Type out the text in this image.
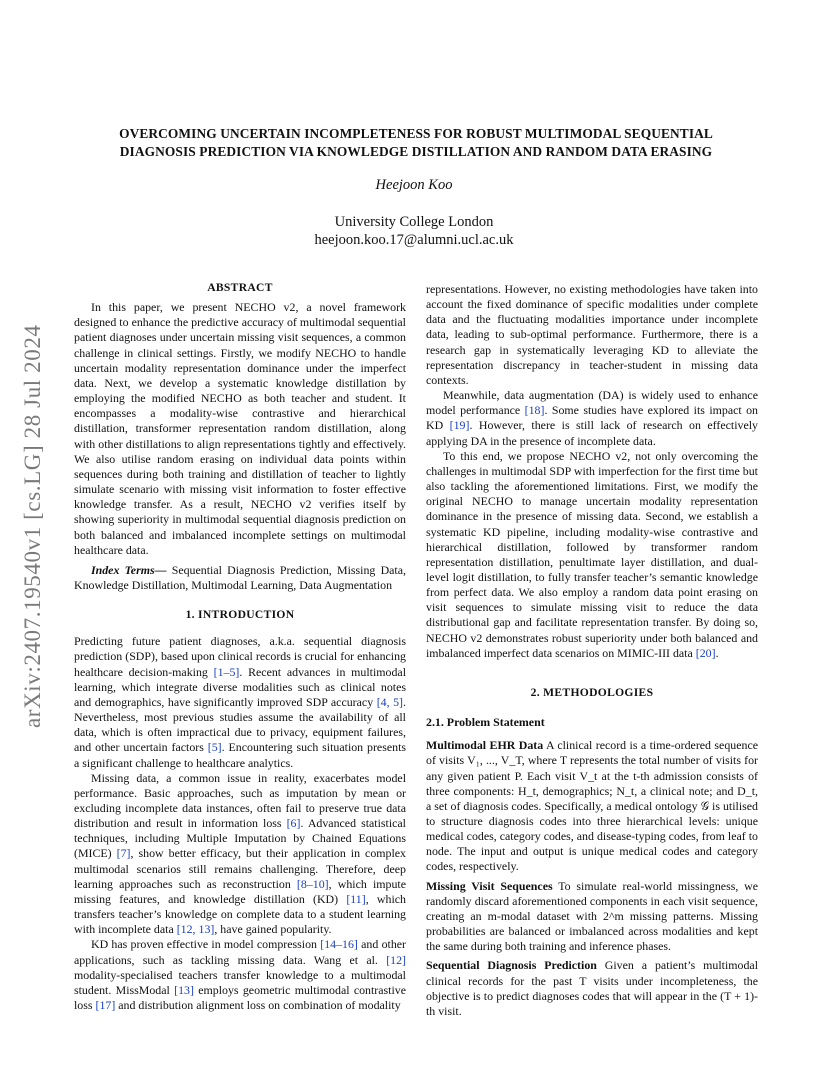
arXiv:2407.19540v1 [cs.LG] 28 Jul 2024
OVERCOMING UNCERTAIN INCOMPLETENESS FOR ROBUST MULTIMODAL SEQUENTIAL
DIAGNOSIS PREDICTION VIA KNOWLEDGE DISTILLATION AND RANDOM DATA ERASING
Heejoon Koo
University College London
heejoon.koo.17@alumni.ucl.ac.uk

ABSTRACT

In this paper, we present NECHO v2, a novel framework designed to enhance the predictive accuracy of multimodal sequential patient diagnoses under uncertain missing visit sequences, a common challenge in clinical settings. Firstly, we modify NECHO to handle uncertain modality representation dominance under the imperfect data. Next, we develop a systematic knowledge distillation by employing the modified NECHO as both teacher and student. It encompasses a modality-wise contrastive and hierarchical distillation, transformer representation random distillation, along with other distillations to align representations tightly and effectively. We also utilise random erasing on individual data points within sequences during both training and distillation of teacher to lightly simulate scenario with missing visit information to foster effective knowledge transfer. As a result, NECHO v2 verifies itself by showing superiority in multimodal sequential diagnosis prediction on both balanced and imbalanced incomplete settings on multimodal healthcare data.

Index Terms— Sequential Diagnosis Prediction, Missing Data, Knowledge Distillation, Multimodal Learning, Data Augmentation

1. INTRODUCTION

Predicting future patient diagnoses, a.k.a. sequential diagnosis prediction (SDP), based upon clinical records is crucial for enhancing healthcare decision-making [1–5]. Recent advances in multimodal learning, which integrate diverse modalities such as clinical notes and demographics, have significantly improved SDP accuracy [4, 5]. Nevertheless, most previous studies assume the availability of all data, which is often impractical due to privacy, equipment failures, and other uncertain factors [5]. Encountering such situation presents a significant challenge to healthcare analytics.

Missing data, a common issue in reality, exacerbates model performance. Basic approaches, such as imputation by mean or excluding incomplete data instances, often fail to preserve true data distribution and result in information loss [6]. Advanced statistical techniques, including Multiple Imputation by Chained Equations (MICE) [7], show better efficacy, but their application in complex multimodal scenarios still remains challenging. Therefore, deep learning approaches such as reconstruction [8–10], which impute missing features, and knowledge distillation (KD) [11], which transfers teacher’s knowledge on complete data to a student learning with incomplete data [12, 13], have gained popularity.

KD has proven effective in model compression [14–16] and other applications, such as tackling missing data. Wang et al. [12] modality-specialised teachers transfer knowledge to a multimodal student. MissModal [13] employs geometric multimodal contrastive loss [17] and distribution alignment loss on combination of modality

representations. However, no existing methodologies have taken into account the fixed dominance of specific modalities under complete data and the fluctuating modalities importance under incomplete data, leading to sub-optimal performance. Furthermore, there is a research gap in systematically leveraging KD to alleviate the representation discrepancy in teacher-student in missing data contexts.

Meanwhile, data augmentation (DA) is widely used to enhance model performance [18]. Some studies have explored its impact on KD [19]. However, there is still lack of research on effectively applying DA in the presence of incomplete data.

To this end, we propose NECHO v2, not only overcoming the challenges in multimodal SDP with imperfection for the first time but also tackling the aforementioned limitations. First, we modify the original NECHO to manage uncertain modality representation dominance in the presence of missing data. Second, we establish a systematic KD pipeline, including modality-wise contrastive and hierarchical distillation, followed by transformer random representation distillation, penultimate layer distillation, and dual-level logit distillation, to fully transfer teacher’s semantic knowledge from perfect data. We also employ a random data point erasing on visit sequences to simulate missing visit to reduce the data distributional gap and facilitate representation transfer. By doing so, NECHO v2 demonstrates robust superiority under both balanced and imbalanced imperfect data scenarios on MIMIC-III data [20].

2. METHODOLOGIES

2.1. Problem Statement

Multimodal EHR Data A clinical record is a time-ordered sequence of visits V₁, ..., V_T, where T represents the total number of visits for any given patient P. Each visit V_t at the t-th admission consists of three components: H_t, demographics; N_t, a clinical note; and D_t, a set of diagnosis codes. Specifically, a medical ontology 𝒢 is utilised to structure diagnosis codes into three hierarchical levels: unique medical codes, category codes, and disease-typing codes, from leaf to node. The input and output is unique medical codes and category codes, respectively.

Missing Visit Sequences To simulate real-world missingness, we randomly discard aforementioned components in each visit sequence, creating an m-modal dataset with 2^m missing patterns. Missing probabilities are balanced or imbalanced across modalities and kept the same during both training and inference phases.

Sequential Diagnosis Prediction Given a patient’s multimodal clinical records for the past T visits under incompleteness, the objective is to predict diagnoses codes that will appear in the (T + 1)-th visit.
